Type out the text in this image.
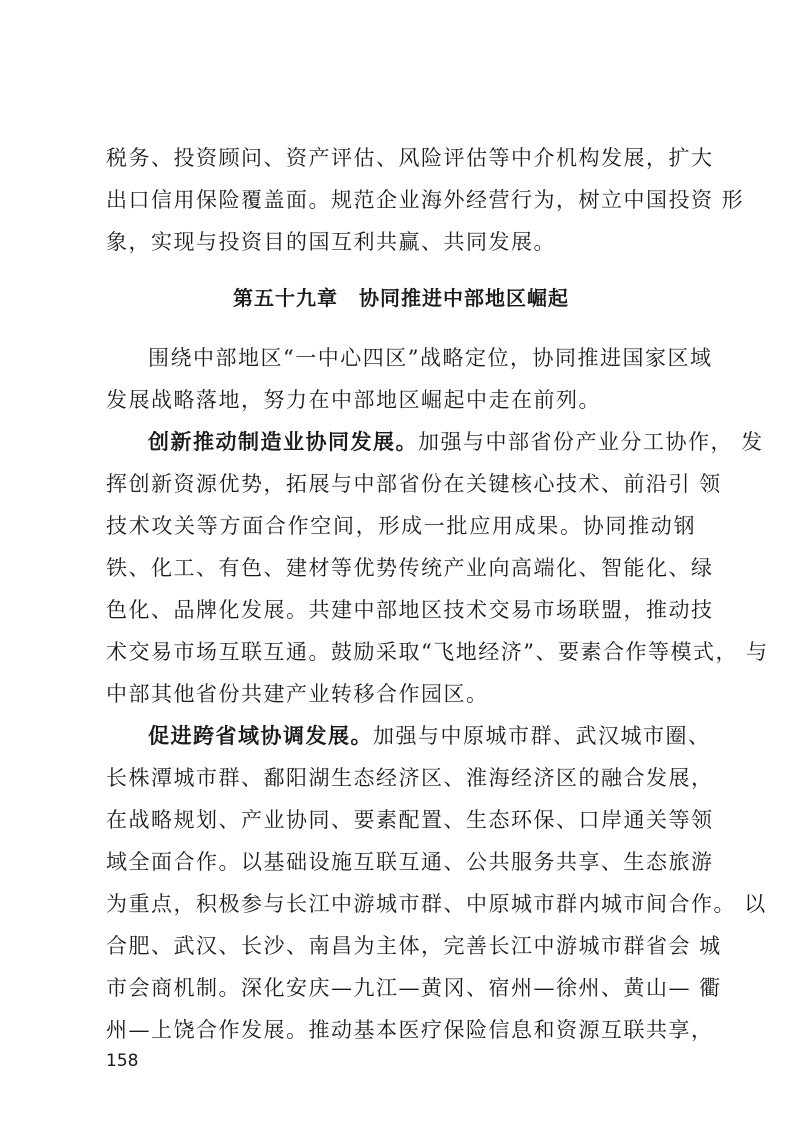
税务、投资顾问、资产评估、风险评估等中介机构发展，扩大
出口信用保险覆盖面。规范企业海外经营行为，树立中国投资 形
象，实现与投资目的国互利共赢、共同发展。
第五十九章　协同推进中部地区崛起
围绕中部地区“一中心四区”战略定位，协同推进国家区域
发展战略落地，努力在中部地区崛起中走在前列。
创新推动制造业协同发展。加强与中部省份产业分工协作， 发
挥创新资源优势，拓展与中部省份在关键核心技术、前沿引 领
技术攻关等方面合作空间，形成一批应用成果。协同推动钢
铁、化工、有色、建材等优势传统产业向高端化、智能化、绿
色化、品牌化发展。共建中部地区技术交易市场联盟，推动技
术交易市场互联互通。鼓励采取“飞地经济”、要素合作等模式， 与
中部其他省份共建产业转移合作园区。
促进跨省域协调发展。加强与中原城市群、武汉城市圈、
长株潭城市群、鄱阳湖生态经济区、淮海经济区的融合发展，
在战略规划、产业协同、要素配置、生态环保、口岸通关等领
域全面合作。以基础设施互联互通、公共服务共享、生态旅游
为重点，积极参与长江中游城市群、中原城市群内城市间合作。 以
合肥、武汉、长沙、南昌为主体，完善长江中游城市群省会 城
市会商机制。深化安庆—九江—黄冈、宿州—徐州、黄山— 衢
州—上饶合作发展。推动基本医疗保险信息和资源互联共享，
158
